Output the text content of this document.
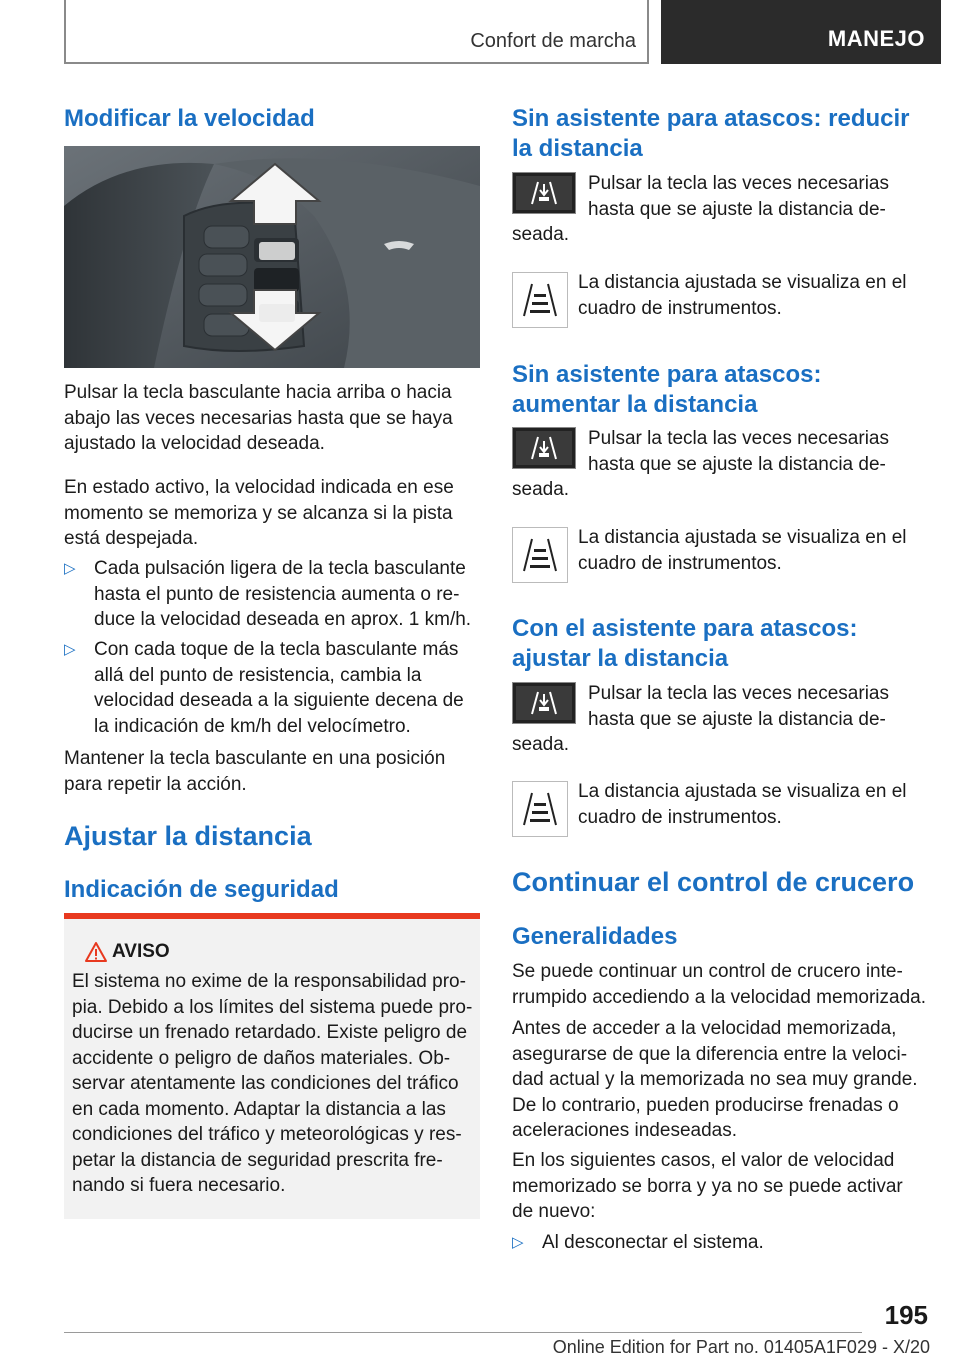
Confort de marcha	MANEJO
Modificar la velocidad

Pulsar la tecla basculante hacia arriba o hacia abajo las veces necesarias hasta que se haya ajustado la velocidad deseada.

En estado activo, la velocidad indicada en ese momento se memoriza y se alcanza si la pista está despejada.

▷ Cada pulsación ligera de la tecla basculante hasta el punto de resistencia aumenta o reduce la velocidad deseada en aprox. 1 km/h.
▷ Con cada toque de la tecla basculante más allá del punto de resistencia, cambia la velocidad deseada a la siguiente decena de la indicación de km/h del velocímetro.

Mantener la tecla basculante en una posición para repetir la acción.

Ajustar la distancia
Indicación de seguridad
AVISO

El sistema no exime de la responsabilidad propia. Debido a los límites del sistema puede producirse un frenado retardado. Existe peligro de accidente o peligro de daños materiales. Observar atentamente las condiciones del tráfico en cada momento. Adaptar la distancia a las condiciones del tráfico y meteorológicas y respetar la distancia de seguridad prescrita frenando si fuera necesario.

Sin asistente para atascos: reducir la distancia

Pulsar la tecla las veces necesarias hasta que se ajuste la distancia deseada.

La distancia ajustada se visualiza en el cuadro de instrumentos.

Sin asistente para atascos: aumentar la distancia

Pulsar la tecla las veces necesarias hasta que se ajuste la distancia deseada.

La distancia ajustada se visualiza en el cuadro de instrumentos.

Con el asistente para atascos: ajustar la distancia

Pulsar la tecla las veces necesarias hasta que se ajuste la distancia deseada.

La distancia ajustada se visualiza en el cuadro de instrumentos.

Continuar el control de crucero
Generalidades

Se puede continuar un control de crucero interrumpido accediendo a la velocidad memorizada.

Antes de acceder a la velocidad memorizada, asegurarse de que la diferencia entre la velocidad actual y la memorizada no sea muy grande. De lo contrario, pueden producirse frenadas o aceleraciones indeseadas.

En los siguientes casos, el valor de velocidad memorizado se borra y ya no se puede activar de nuevo:

▷ Al desconectar el sistema.
195
Online Edition for Part no. 01405A1F029 - X/20
